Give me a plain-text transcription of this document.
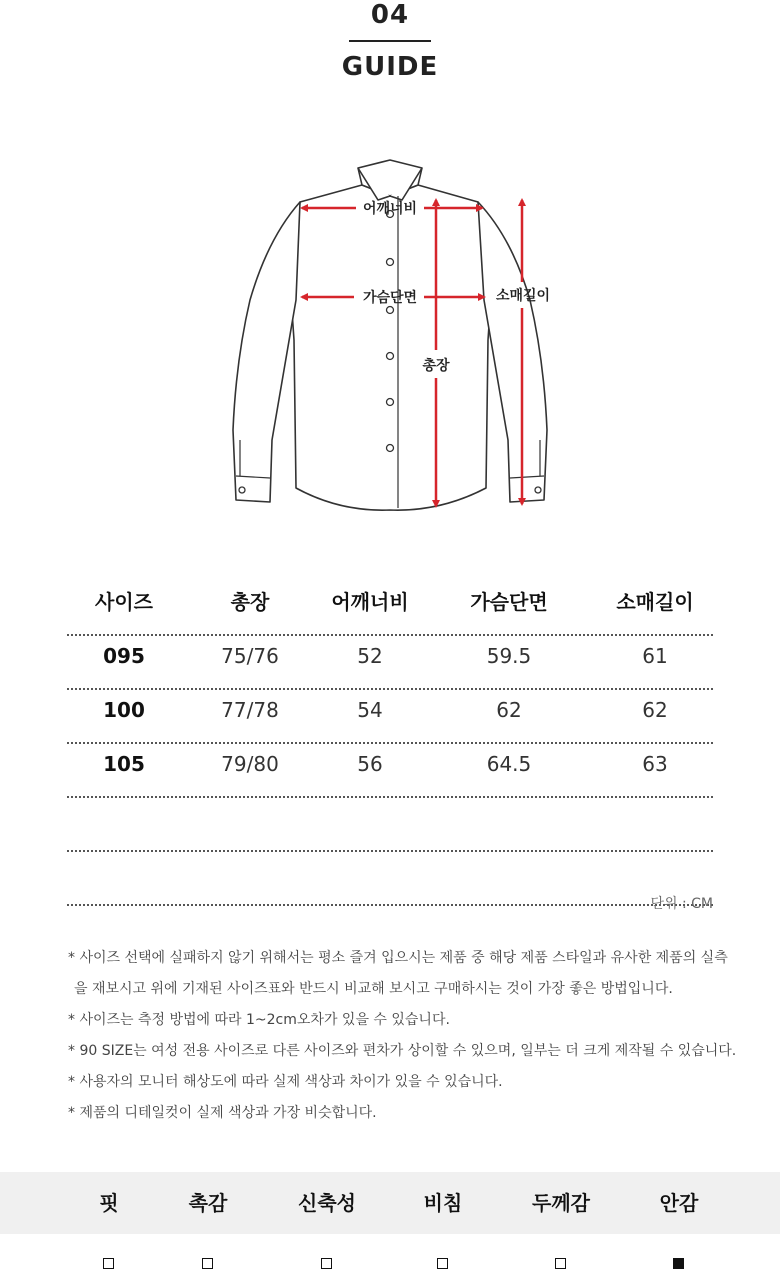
04
GUIDE
어깨너비
가슴단면
총장
소매길이
사이즈	총장	어깨너비	가슴단면	소매길이
095	75/76	52	59.5	61
100	77/78	54	62	62
105	79/80	56	64.5	63
단위 : CM
* 사이즈 선택에 실패하지 않기 위해서는 평소 즐겨 입으시는 제품 중 해당 제품 스타일과 유사한 제품의 실측
을 재보시고 위에 기재된 사이즈표와 반드시 비교해 보시고 구매하시는 것이 가장 좋은 방법입니다.
* 사이즈는 측정 방법에 따라 1~2cm오차가 있을 수 있습니다.
* 90 SIZE는 여성 전용 사이즈로 다른 사이즈와 편차가 상이할 수 있으며, 일부는 더 크게 제작될 수 있습니다.
* 사용자의 모니터 해상도에 따라 실제 색상과 차이가 있을 수 있습니다.
* 제품의 디테일컷이 실제 색상과 가장 비슷합니다.
핏	촉감	신축성	비침	두께감	안감
